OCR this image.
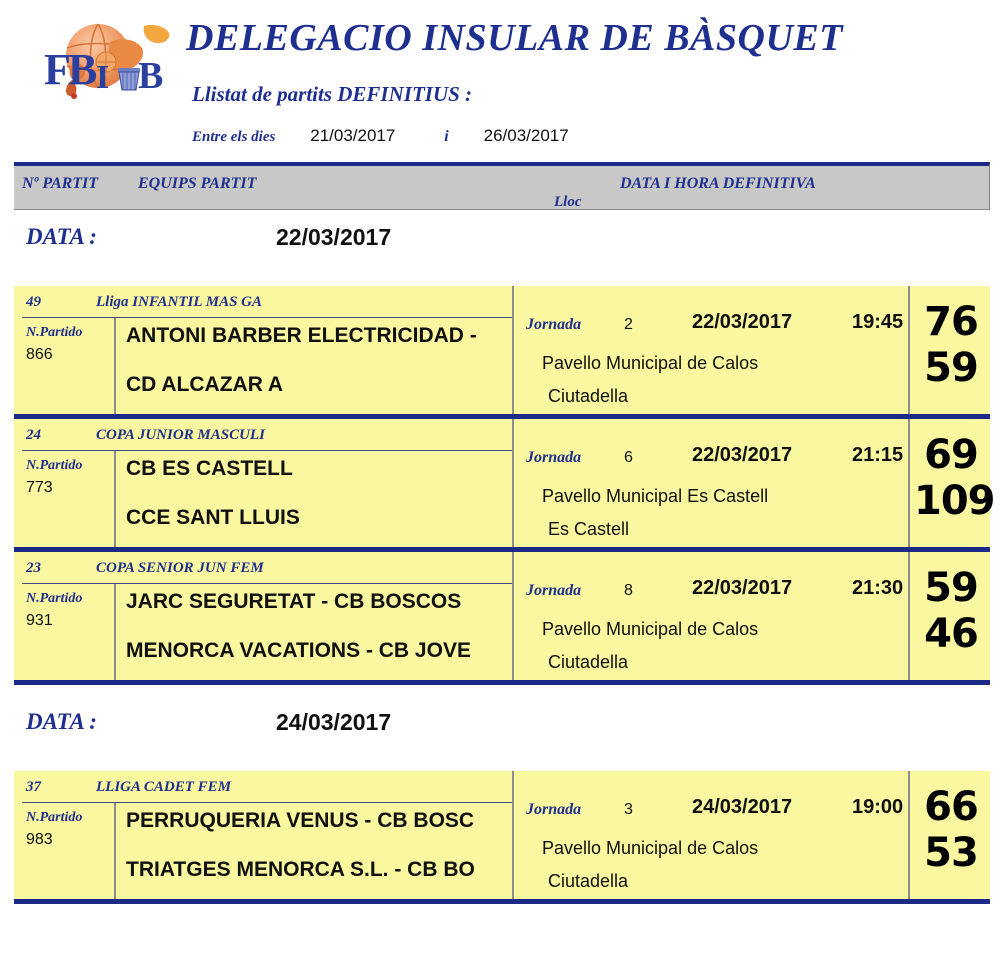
F
B
I B
DELEGACIO INSULAR DE BÀSQUET
Llistat de partits DEFINITIUS :
Entre els dies 21/03/2017	i 26/03/2017
Nº PARTIT EQUIPS PARTIT	DATA I HORA DEFINITIVA
Lloc
DATA :	22/03/2017
49	Lliga INFANTIL MAS GA
N.Partido
866
ANTONI BARBER ELECTRICIDAD -
CD ALCAZAR A
Jornada	2	22/03/2017	19:45
Pavello Municipal de Calos
Ciutadella
76
59
24	COPA JUNIOR MASCULI
N.Partido
773
CB ES CASTELL
CCE SANT LLUIS
Jornada	6	22/03/2017	21:15
Pavello Municipal Es Castell
Es Castell
69
109
23	COPA SENIOR JUN FEM
N.Partido
931
JARC SEGURETAT - CB BOSCOS
MENORCA VACATIONS - CB JOVE
Jornada	8	22/03/2017	21:30
Pavello Municipal de Calos
Ciutadella
59
46
DATA :	24/03/2017
37	LLIGA CADET FEM
N.Partido
983
PERRUQUERIA VENUS - CB BOSC
TRIATGES MENORCA S.L. - CB BO
Jornada	3	24/03/2017	19:00
Pavello Municipal de Calos
Ciutadella
66
53
